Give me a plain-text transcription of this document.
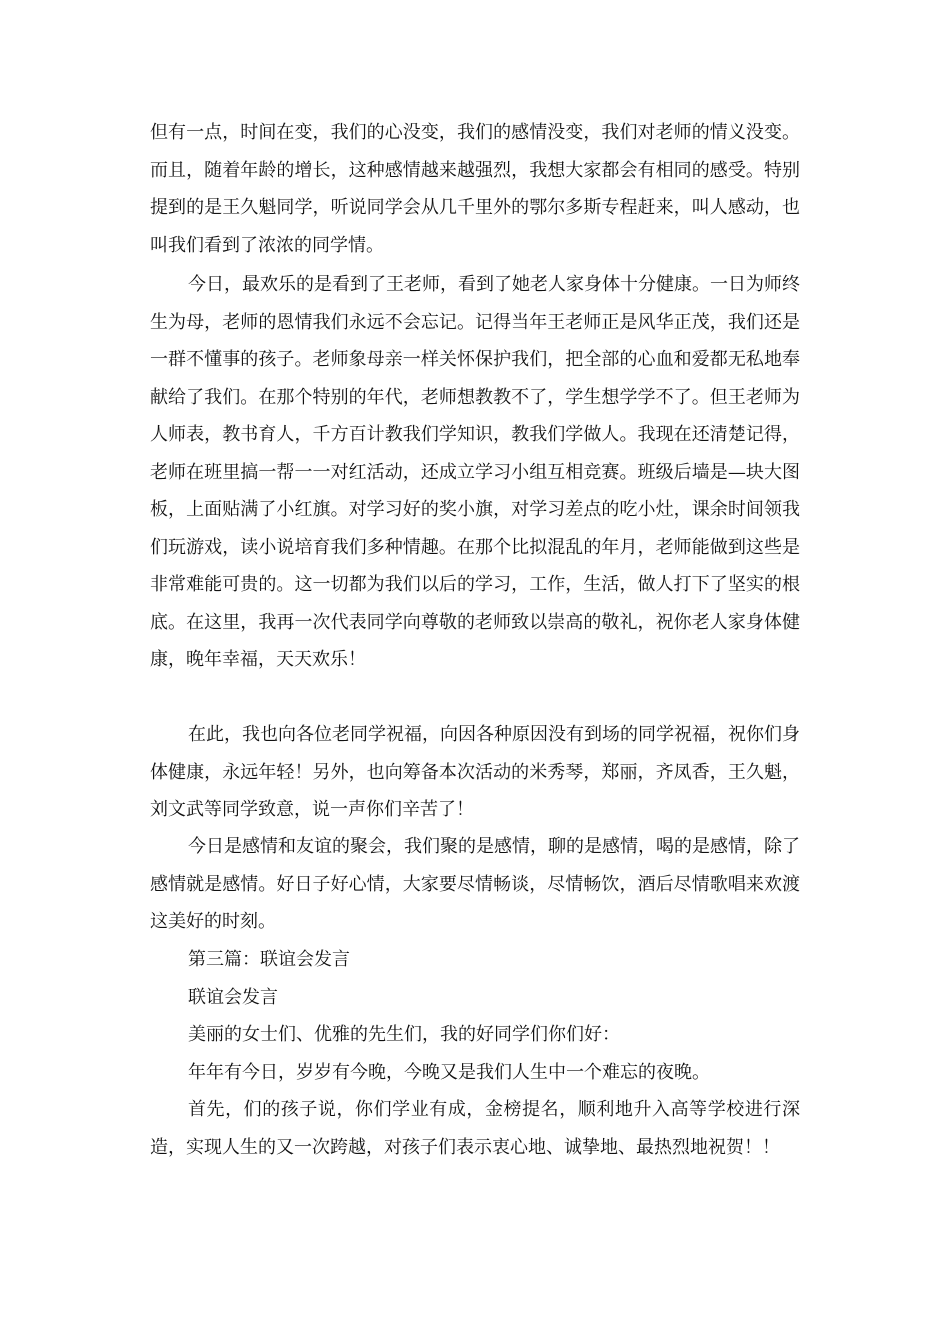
但有一点，时间在变，我们的心没变，我们的感情没变，我们对老师的情义没变。而且，随着年龄的增长，这种感情越来越强烈，我想大家都会有相同的感受。特别提到的是王久魁同学，听说同学会从几千里外的鄂尔多斯专程赶来，叫人感动，也叫我们看到了浓浓的同学情。

今日，最欢乐的是看到了王老师，看到了她老人家身体十分健康。一日为师终生为母，老师的恩情我们永远不会忘记。记得当年王老师正是风华正茂，我们还是一群不懂事的孩子。老师象母亲一样关怀保护我们，把全部的心血和爱都无私地奉献给了我们。在那个特别的年代，老师想教教不了，学生想学学不了。但王老师为人师表，教书育人，千方百计教我们学知识，教我们学做人。我现在还清楚记得，老师在班里搞一帮一一对红活动，还成立学习小组互相竞赛。班级后墙是—块大图板，上面贴满了小红旗。对学习好的奖小旗，对学习差点的吃小灶，课余时间领我们玩游戏，读小说培育我们多种情趣。在那个比拟混乱的年月，老师能做到这些是非常难能可贵的。这一切都为我们以后的学习，工作，生活，做人打下了坚实的根底。在这里，我再一次代表同学向尊敬的老师致以崇高的敬礼，祝你老人家身体健康，晚年幸福，天天欢乐！

在此，我也向各位老同学祝福，向因各种原因没有到场的同学祝福，祝你们身体健康，永远年轻！另外，也向筹备本次活动的米秀琴，郑丽，齐凤香，王久魁，刘文武等同学致意，说一声你们辛苦了！

今日是感情和友谊的聚会，我们聚的是感情，聊的是感情，喝的是感情，除了感情就是感情。好日子好心情，大家要尽情畅谈，尽情畅饮，酒后尽情歌唱来欢渡这美好的时刻。

第三篇：联谊会发言

联谊会发言

美丽的女士们、优雅的先生们，我的好同学们你们好：

年年有今日，岁岁有今晚，今晚又是我们人生中一个难忘的夜晚。

首先，们的孩子说，你们学业有成，金榜提名，顺利地升入高等学校进行深造，实现人生的又一次跨越，对孩子们表示衷心地、诚挚地、最热烈地祝贺！！
